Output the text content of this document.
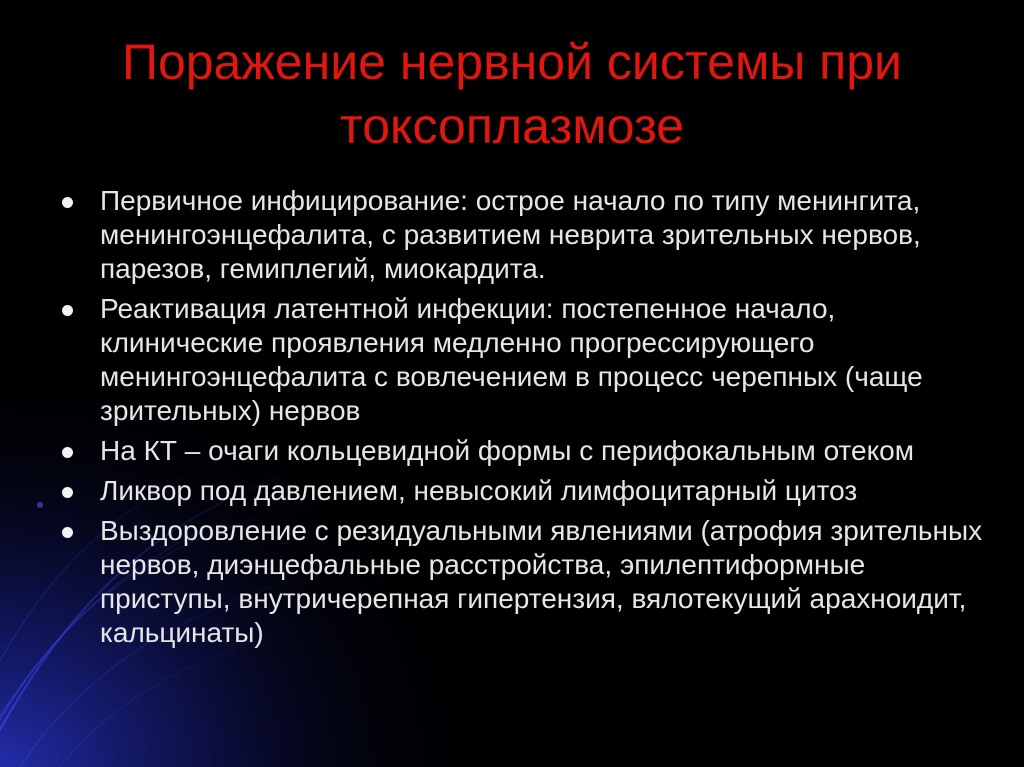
Поражение нервной системы при токсоплазмозе
Первичное инфицирование: острое начало по типу менингита, менингоэнцефалита, с развитием неврита зрительных нервов, парезов, гемиплегий, миокардита.
Реактивация латентной инфекции: постепенное начало, клинические проявления медленно прогрессирующего менингоэнцефалита с вовлечением в процесс черепных (чаще зрительных) нервов
На КТ – очаги кольцевидной формы с перифокальным отеком
Ликвор под давлением, невысокий лимфоцитарный цитоз
Выздоровление с резидуальными явлениями (атрофия зрительных нервов, диэнцефальные расстройства, эпилептиформные приступы, внутричерепная гипертензия, вялотекущий арахноидит, кальцинаты)
